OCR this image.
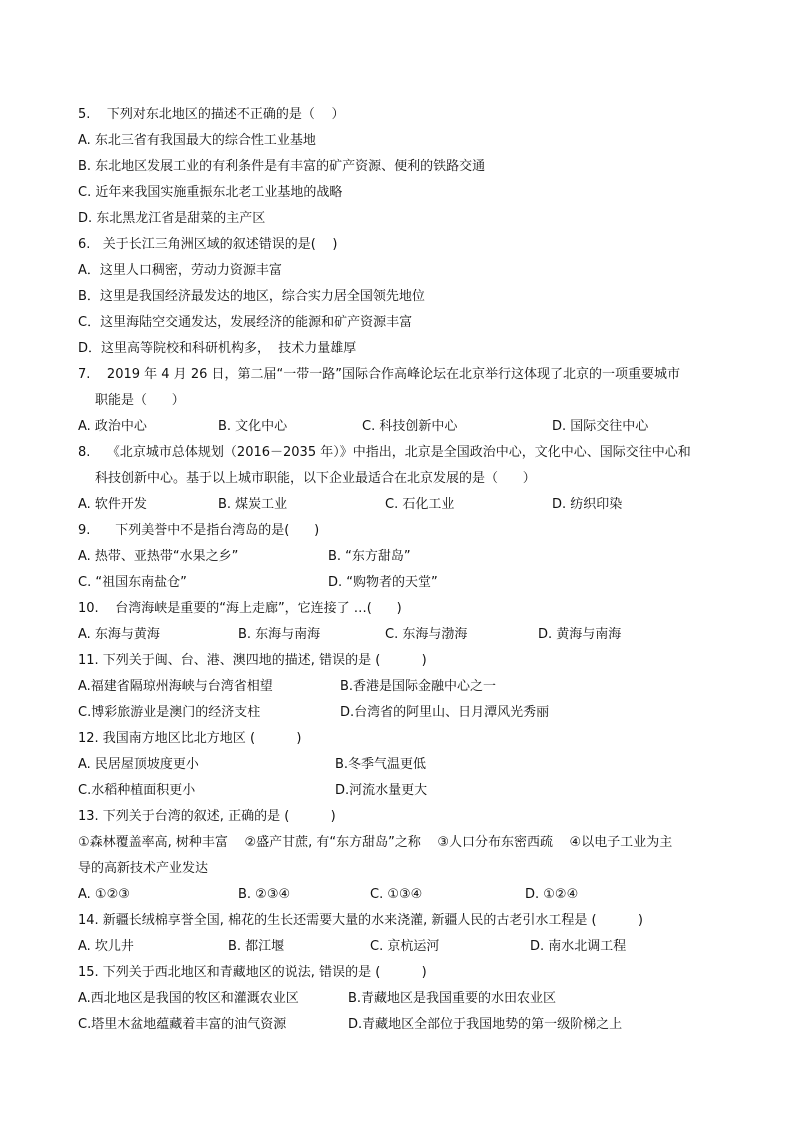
5.    下列对东北地区的描述不正确的是（    ）
A. 东北三省有我国最大的综合性工业基地
B. 东北地区发展工业的有利条件是有丰富的矿产资源、便利的铁路交通
C. 近年来我国实施重振东北老工业基地的战略
D. 东北黑龙江省是甜菜的主产区
6.   关于长江三角洲区域的叙述错误的是(    )
A．这里人口稠密，劳动力资源丰富
B．这里是我国经济最发达的地区，综合实力居全国领先地位
C．这里海陆空交通发达，发展经济的能源和矿产资源丰富
D．这里高等院校和科研机构多，  技术力量雄厚
7.    2019 年 4 月 26 日，第二届“一带一路”国际合作高峰论坛在北京举行这体现了北京的一项重要城市
职能是（      ）
A. 政治中心	B. 文化中心	C. 科技创新中心	D. 国际交往中心
8.    《北京城市总体规划（2016－2035 年）》中指出，北京是全国政治中心，文化中心、国际交往中心和
科技创新中心。基于以上城市职能，以下企业最适合在北京发展的是（      ）
A. 软件开发	B. 煤炭工业	C. 石化工业	D. 纺织印染
9.      下列美誉中不是指台湾岛的是(      )
A. 热带、亚热带“水果之乡”	B. “东方甜岛”
C. “祖国东南盐仓”	D. “购物者的天堂”
10.    台湾海峡是重要的“海上走廊”，它连接了 …(      )
A. 东海与黄海	B. 东海与南海	C. 东海与渤海	D. 黄海与南海
11. 下列关于闽、台、港、澳四地的描述, 错误的是 (          )
A.福建省隔琼州海峡与台湾省相望	B.香港是国际金融中心之一
C.博彩旅游业是澳门的经济支柱	D.台湾省的阿里山、日月潭风光秀丽
12. 我国南方地区比北方地区 (          )
A. 民居屋顶坡度更小	B.冬季气温更低
C.水稻种植面积更小	D.河流水量更大
13. 下列关于台湾的叙述, 正确的是 (          )
①森林覆盖率高, 树种丰富    ②盛产甘蔗, 有“东方甜岛”之称    ③人口分布东密西疏    ④以电子工业为主
导的高新技术产业发达
A. ①②③	B. ②③④	C. ①③④	D. ①②④
14. 新疆长绒棉享誉全国, 棉花的生长还需要大量的水来浇灌, 新疆人民的古老引水工程是 (          )
A. 坎儿井	B. 都江堰	C. 京杭运河	D. 南水北调工程
15. 下列关于西北地区和青藏地区的说法, 错误的是 (          )
A.西北地区是我国的牧区和灌溉农业区	B.青藏地区是我国重要的水田农业区
C.塔里木盆地蕴藏着丰富的油气资源	D.青藏地区全部位于我国地势的第一级阶梯之上
